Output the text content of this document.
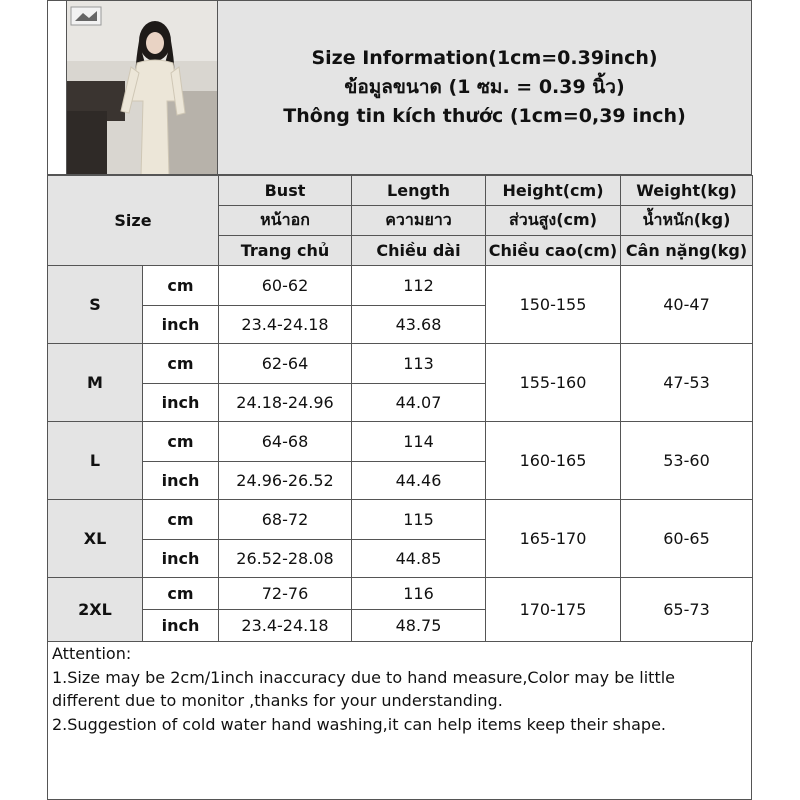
Size Information(1cm=0.39inch)
ข้อมูลขนาด (1 ซม. = 0.39 นิ้ว)
Thông tin kích thước (1cm=0,39 inch)
Size		Bust	Length	Height(cm)	Weight(kg)
		หน้าอก	ความยาว	ส่วนสูง(cm)	น้ำหนัก(kg)
		Trang chủ	Chiều dài	Chiều cao(cm)	Cân nặng(kg)
S	cm	60-62	112	150-155	40-47
	inch	23.4-24.18	43.68		
M	cm	62-64	113	155-160	47-53
	inch	24.18-24.96	44.07		
L	cm	64-68	114	160-165	53-60
	inch	24.96-26.52	44.46		
XL	cm	68-72	115	165-170	60-65
	inch	26.52-28.08	44.85		
2XL	cm	72-76	116	170-175	65-73
	inch	23.4-24.18	48.75		
Attention:
1.Size may be 2cm/1inch inaccuracy due to hand measure,Color may be little different due to monitor ,thanks for your understanding.
2.Suggestion of cold water hand washing,it can help items keep their shape.
